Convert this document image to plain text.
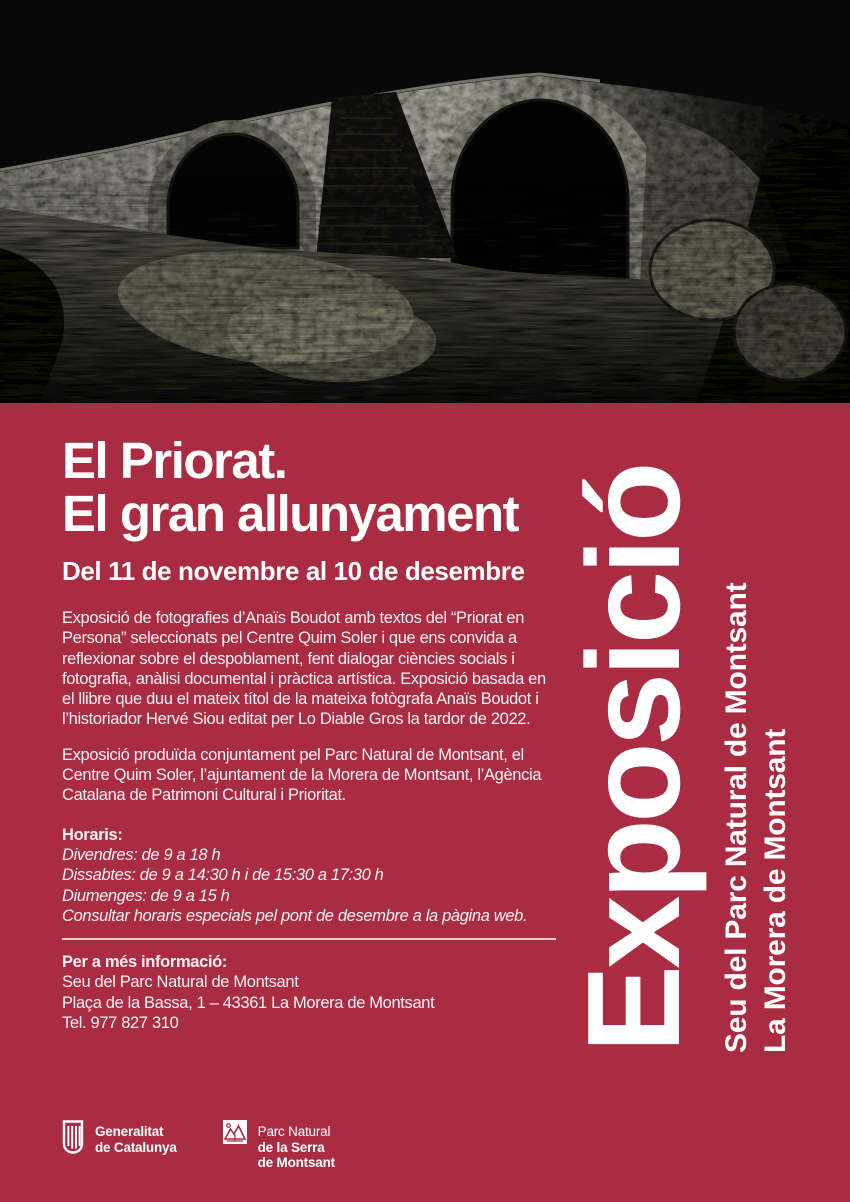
El Priorat.
El gran allunyament
Del 11 de novembre al 10 de desembre
Exposició de fotografies d’Anaïs Boudot amb textos del “Priorat en
Persona” seleccionats pel Centre Quim Soler i que ens convida a
reflexionar sobre el despoblament, fent dialogar ciències socials i
fotografia, anàlisi documental i pràctica artística. Exposició basada en
el llibre que duu el mateix títol de la mateixa fotògrafa Anaïs Boudot i
l’historiador Hervé Siou editat per Lo Diable Gros la tardor de 2022.
Exposició produïda conjuntament pel Parc Natural de Montsant, el
Centre Quim Soler, l’ajuntament de la Morera de Montsant, l’Agència
Catalana de Patrimoni Cultural i Prioritat.
Horaris:
Divendres: de 9 a 18 h
Dissabtes: de 9 a 14:30 h i de 15:30 a 17:30 h
Diumenges: de 9 a 15 h
Consultar horaris especials pel pont de desembre a la pàgina web.
Per a més informació:
Seu del Parc Natural de Montsant
Plaça de la Bassa, 1 – 43361 La Morera de Montsant
Tel. 977 827 310	Exposició Seu del Parc Natural de Montsant La Morera de Montsant
Generalitat
de Catalunya
Parc Natural
de la Serra
de Montsant
